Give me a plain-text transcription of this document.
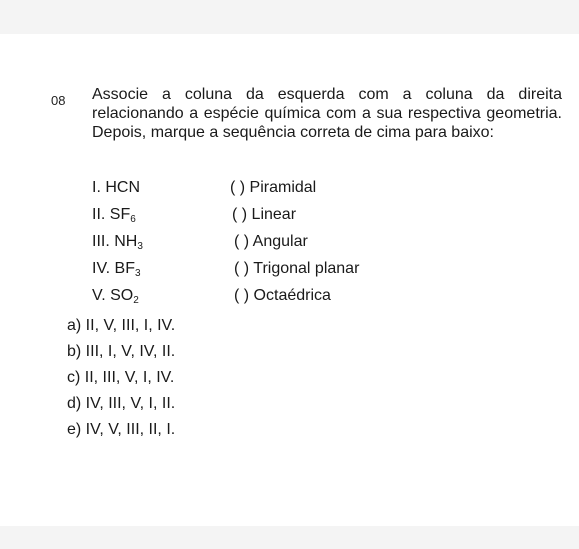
08 Associe a coluna da esquerda com a coluna da direita relacionando a espécie química com a sua respectiva geometria. Depois, marque a sequência correta de cima para baixo:
I. HCN	( ) Piramidal
II. $SF_6$	( ) Linear
III. $NH_3$	( ) Angular
IV. $BF_3$	( ) Trigonal planar
V. $SO_2$	( ) Octaédrica
a) II, V, III, I, IV.
b) III, I, V, IV, II.
c) II, III, V, I, IV.
d) IV, III, V, I, II.
e) IV, V, III, II, I.
